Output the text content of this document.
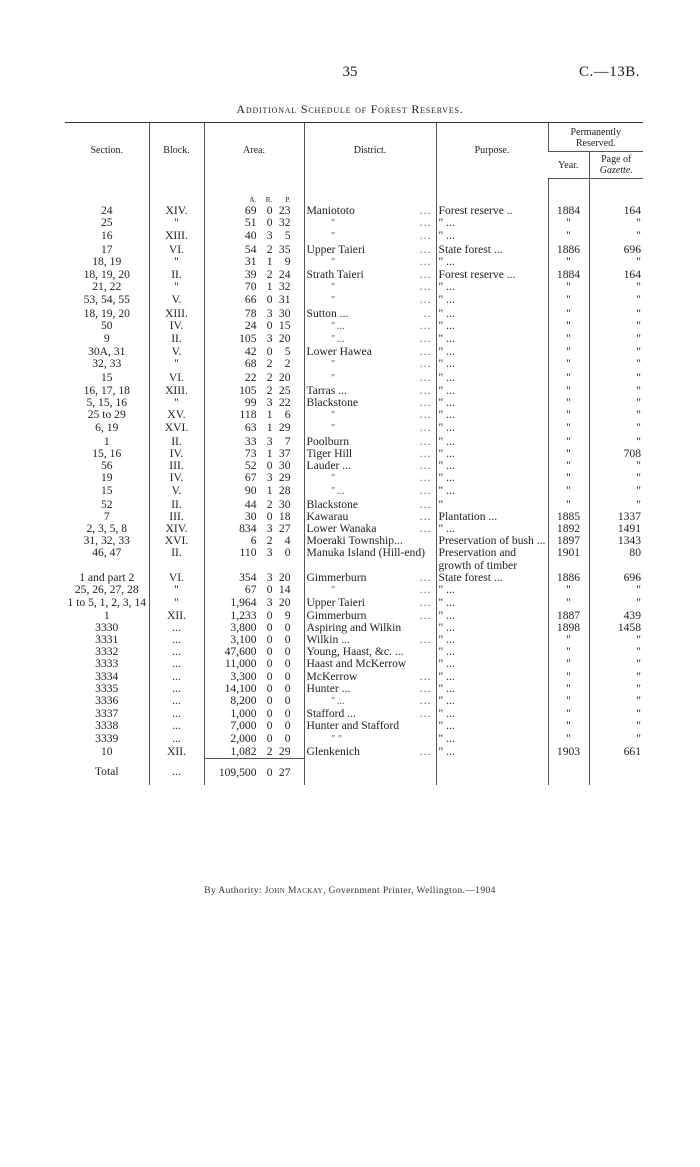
35	C.—13B.
Additional Schedule of Forest Reserves.
Section.	Block.	Area.	District.	Purpose.	Permanently Reserved.	
					Year.	Page of
Gazette.

		A. R. P.				
24	XIV.	69 0 23	Maniototo ...	Forest reserve ..	1884	164
25	"	51 0 32	" ...	" ...	"	"
16	XIII.	40 3 5	" ...	" ...	"	"
17	VI.	54 2 35	Upper Taieri ...	State forest ...	1886	696
18, 19	"	31 1 9	" ...	" ...	"	"
18, 19, 20	II.	39 2 24	Strath Taieri ...	Forest reserve ...	1884	164
21, 22	"	70 1 32	" ...	" ...	"	"
53, 54, 55	V.	66 0 31	" ...	" ...	"	"
18, 19, 20	XIII.	78 3 30	Sutton ... ..	" ...	"	"
50	IV.	24 0 15	" ... ...	" ...	"	"
9	II.	105 3 20	" ... ...	" ...	"	"
30A, 31	V.	42 0 5	Lower Hawea ...	" ...	"	"
32, 33	"	68 2 2	" ...	" ...	"	"
15	VI.	22 2 20	" ...	" ...	"	"
16, 17, 18	XIII.	105 2 25	Tarras ... ...	" ...	"	"
5, 15, 16	"	99 3 22	Blackstone ...	" ...	"	"
25 to 29	XV.	118 1 6	" ...	" ...	"	"
6, 19	XVI.	63 1 29	" ...	" ...	"	"
1	II.	33 3 7	Poolburn ...	" ...	"	"
15, 16	IV.	73 1 37	Tiger Hill ...	" ...	"	708
56	III.	52 0 30	Lauder ... ...	" ...	"	"
19	IV.	67 3 29	" ...	" ...	"	"
15	V.	90 1 28	" ... ...	" ...	"	"
52	II.	44 2 30	Blackstone ...	"	"	"
7	III.	30 0 18	Kawarau ...	Plantation ...	1885	1337
2, 3, 5, 8	XIV.	834 3 27	Lower Wanaka ...	" ...	1892	1491
31, 32, 33	XVI.	6 2 4	Moeraki Township...	Preservation of bush ...	1897	1343
46, 47	II.	110 3 0	Manuka Island (Hill-end)	Preservation and growth of timber	1901	80
1 and part 2	VI.	354 3 20	Gimmerburn ...	State forest ...	1886	696
25, 26, 27, 28	"	67 0 14	" ...	" ...	"	"
1 to 5, 1, 2, 3, 14	"	1,964 3 20	Upper Taieri ...	" ...	"	"
1	XII.	1,233 0 9	Gimmerburn ...	" ...	1887	439
3330	...	3,800 0 0	Aspiring and Wilkin	" ...	1898	1458
3331	...	3,100 0 0	Wilkin ... ...	" ...	"	"
3332	...	47,600 0 0	Young, Haast, &c. ...	" ...	"	"
3333	...	11,000 0 0	Haast and McKerrow	" ...	"	"
3334	...	3,300 0 0	McKerrow ...	" ...	"	"
3335	...	14,100 0 0	Hunter ... ...	" ...	"	"
3336	...	8,200 0 0	" ... ...	" ...	"	"
3337	...	1,000 0 0	Stafford ... ...	" ...	"	"
3338	...	7,000 0 0	Hunter and Stafford	" ...	"	"
3339	...	2,000 0 0	" "	" ...	"	"
10	XII.	1,082 2 29	Glenkenich ...	" ...	1903	661
Total	...	109,500 0 27				

By Authority: John Mackay, Government Printer, Wellington.—1904
